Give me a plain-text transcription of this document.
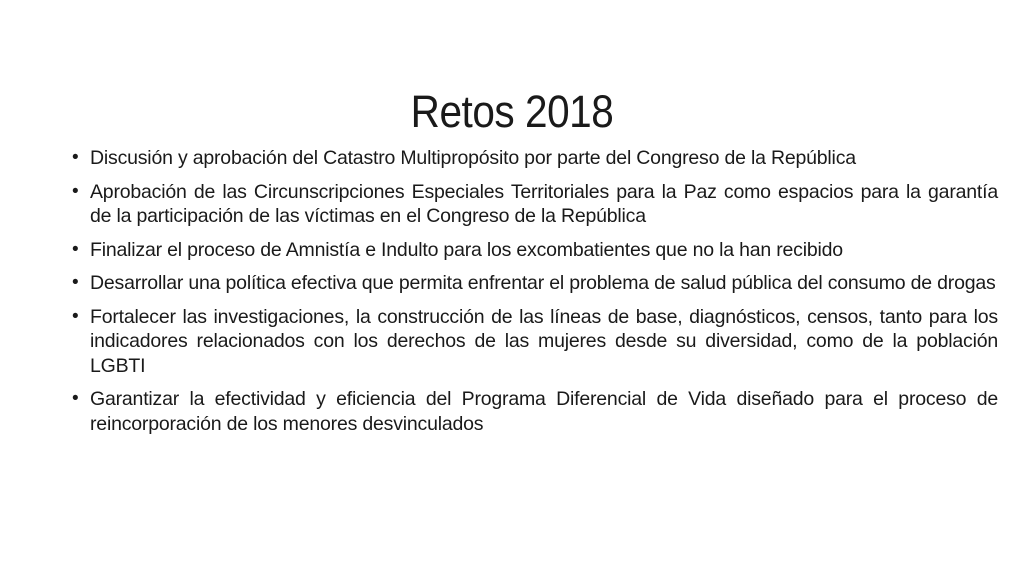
Retos 2018
• Discusión y aprobación del Catastro Multipropósito por parte del Congreso de la República
• Aprobación de las Circunscripciones Especiales Territoriales para la Paz como espacios para la garantía de la participación de las víctimas en el Congreso de la República
• Finalizar el proceso de Amnistía e Indulto para los excombatientes que no la han recibido
• Desarrollar una política efectiva que permita enfrentar el problema de salud pública del consumo de drogas
• Fortalecer las investigaciones, la construcción de las líneas de base, diagnósticos, censos, tanto para los indicadores relacionados con los derechos de las mujeres desde su diversidad, como de la población LGBTI
• Garantizar la efectividad y eficiencia del Programa Diferencial de Vida diseñado para el proceso de reincorporación de los menores desvinculados
